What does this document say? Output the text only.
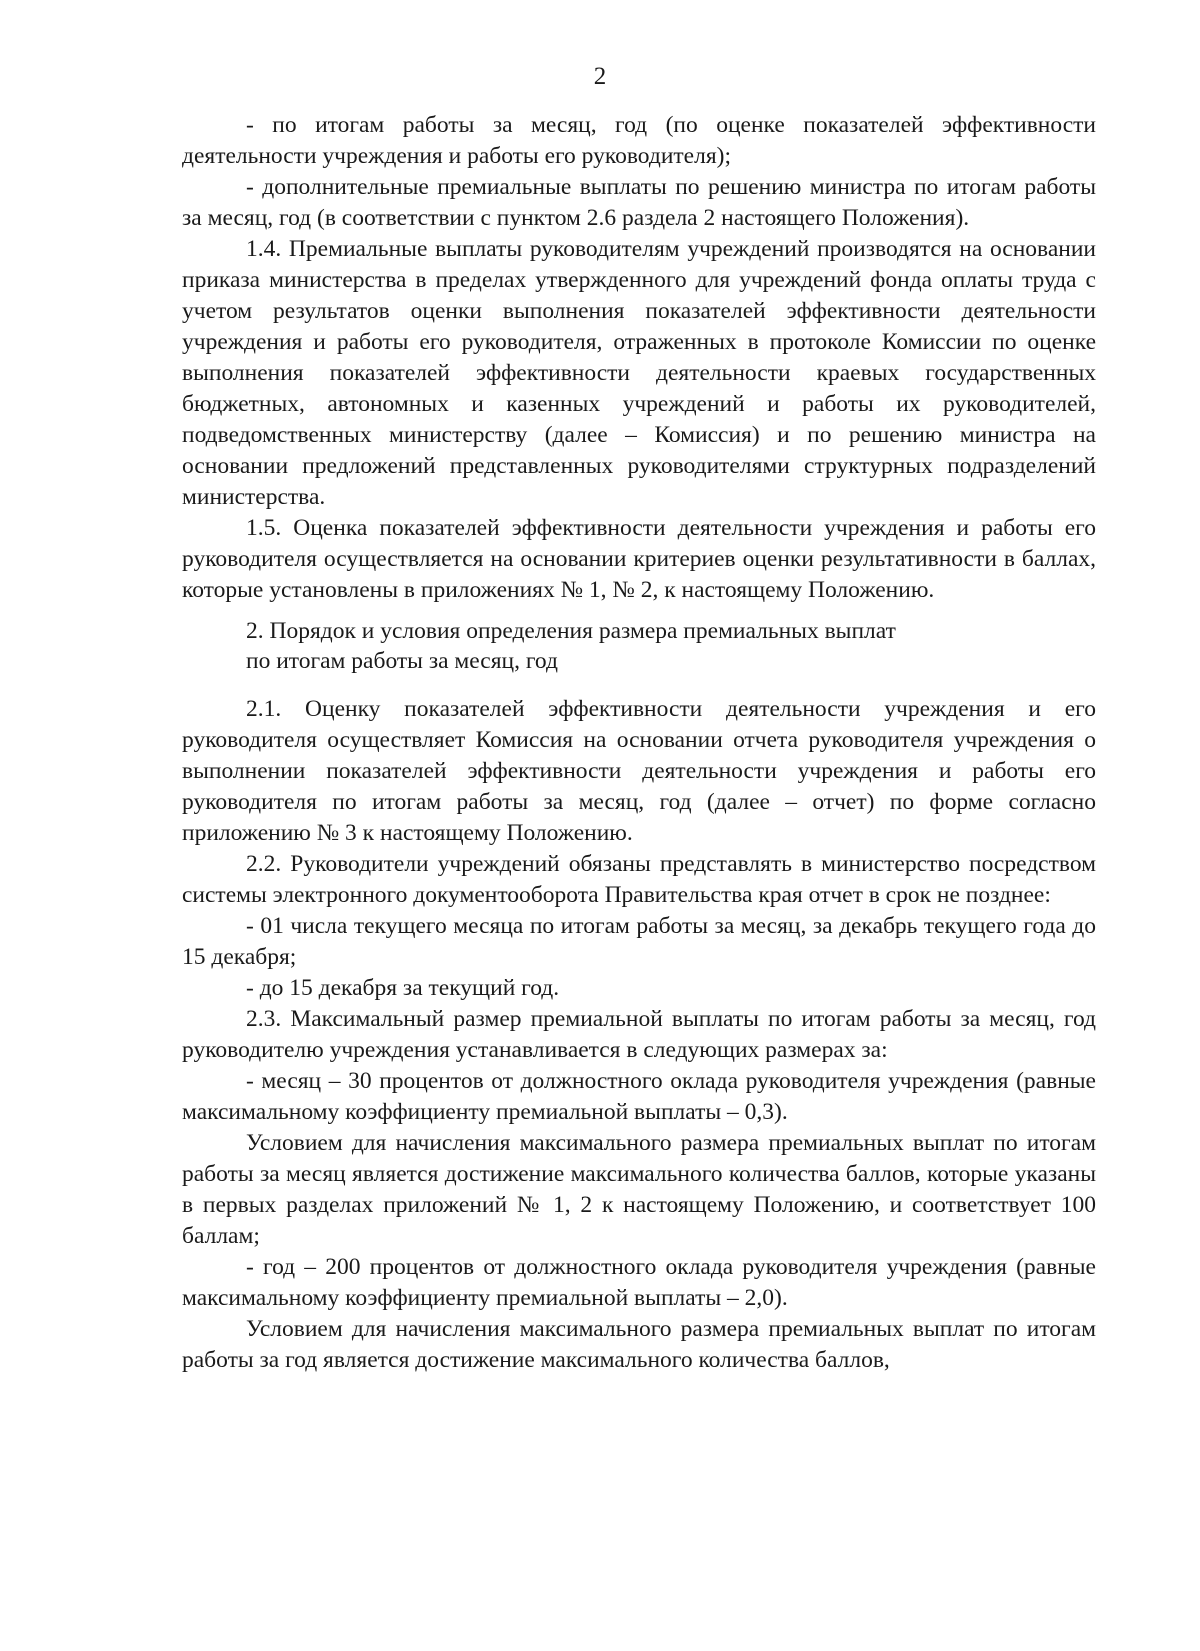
2

- по итогам работы за месяц, год (по оценке показателей эффективности деятельности учреждения и работы его руководителя);

- дополнительные премиальные выплаты по решению министра по итогам работы за месяц, год (в соответствии с пунктом 2.6 раздела 2 настоящего Положения).

1.4. Премиальные выплаты руководителям учреждений производятся на основании приказа министерства в пределах утвержденного для учреждений фонда оплаты труда с учетом результатов оценки выполнения показателей эффективности деятельности учреждения и работы его руководителя, отраженных в протоколе Комиссии по оценке выполнения показателей эффективности деятельности краевых государственных бюджетных, автономных и казенных учреждений и работы их руководителей, подведомственных министерству (далее – Комиссия) и по решению министра на основании предложений представленных руководителями структурных подразделений министерства.

1.5. Оценка показателей эффективности деятельности учреждения и работы его руководителя осуществляется на основании критериев оценки результативности в баллах, которые установлены в приложениях № 1, № 2, к настоящему Положению.

2. Порядок и условия определения размера премиальных выплат
по итогам работы за месяц, год

2.1. Оценку показателей эффективности деятельности учреждения и его руководителя осуществляет Комиссия на основании отчета руководителя учреждения о выполнении показателей эффективности деятельности учреждения и работы его руководителя по итогам работы за месяц, год (далее – отчет) по форме согласно приложению № 3 к настоящему Положению.

2.2. Руководители учреждений обязаны представлять в министерство посредством системы электронного документооборота Правительства края отчет в срок не позднее:

- 01 числа текущего месяца по итогам работы за месяц, за декабрь текущего года до 15 декабря;

- до 15 декабря за текущий год.

2.3. Максимальный размер премиальной выплаты по итогам работы за месяц, год руководителю учреждения устанавливается в следующих размерах за:

- месяц – 30 процентов от должностного оклада руководителя учреждения (равные максимальному коэффициенту премиальной выплаты – 0,3).

Условием для начисления максимального размера премиальных выплат по итогам работы за месяц является достижение максимального количества баллов, которые указаны в первых разделах приложений № 1, 2 к настоящему Положению, и соответствует 100 баллам;

- год – 200 процентов от должностного оклада руководителя учреждения (равные максимальному коэффициенту премиальной выплаты – 2,0).

Условием для начисления максимального размера премиальных выплат по итогам работы за год является достижение максимального количества баллов,
